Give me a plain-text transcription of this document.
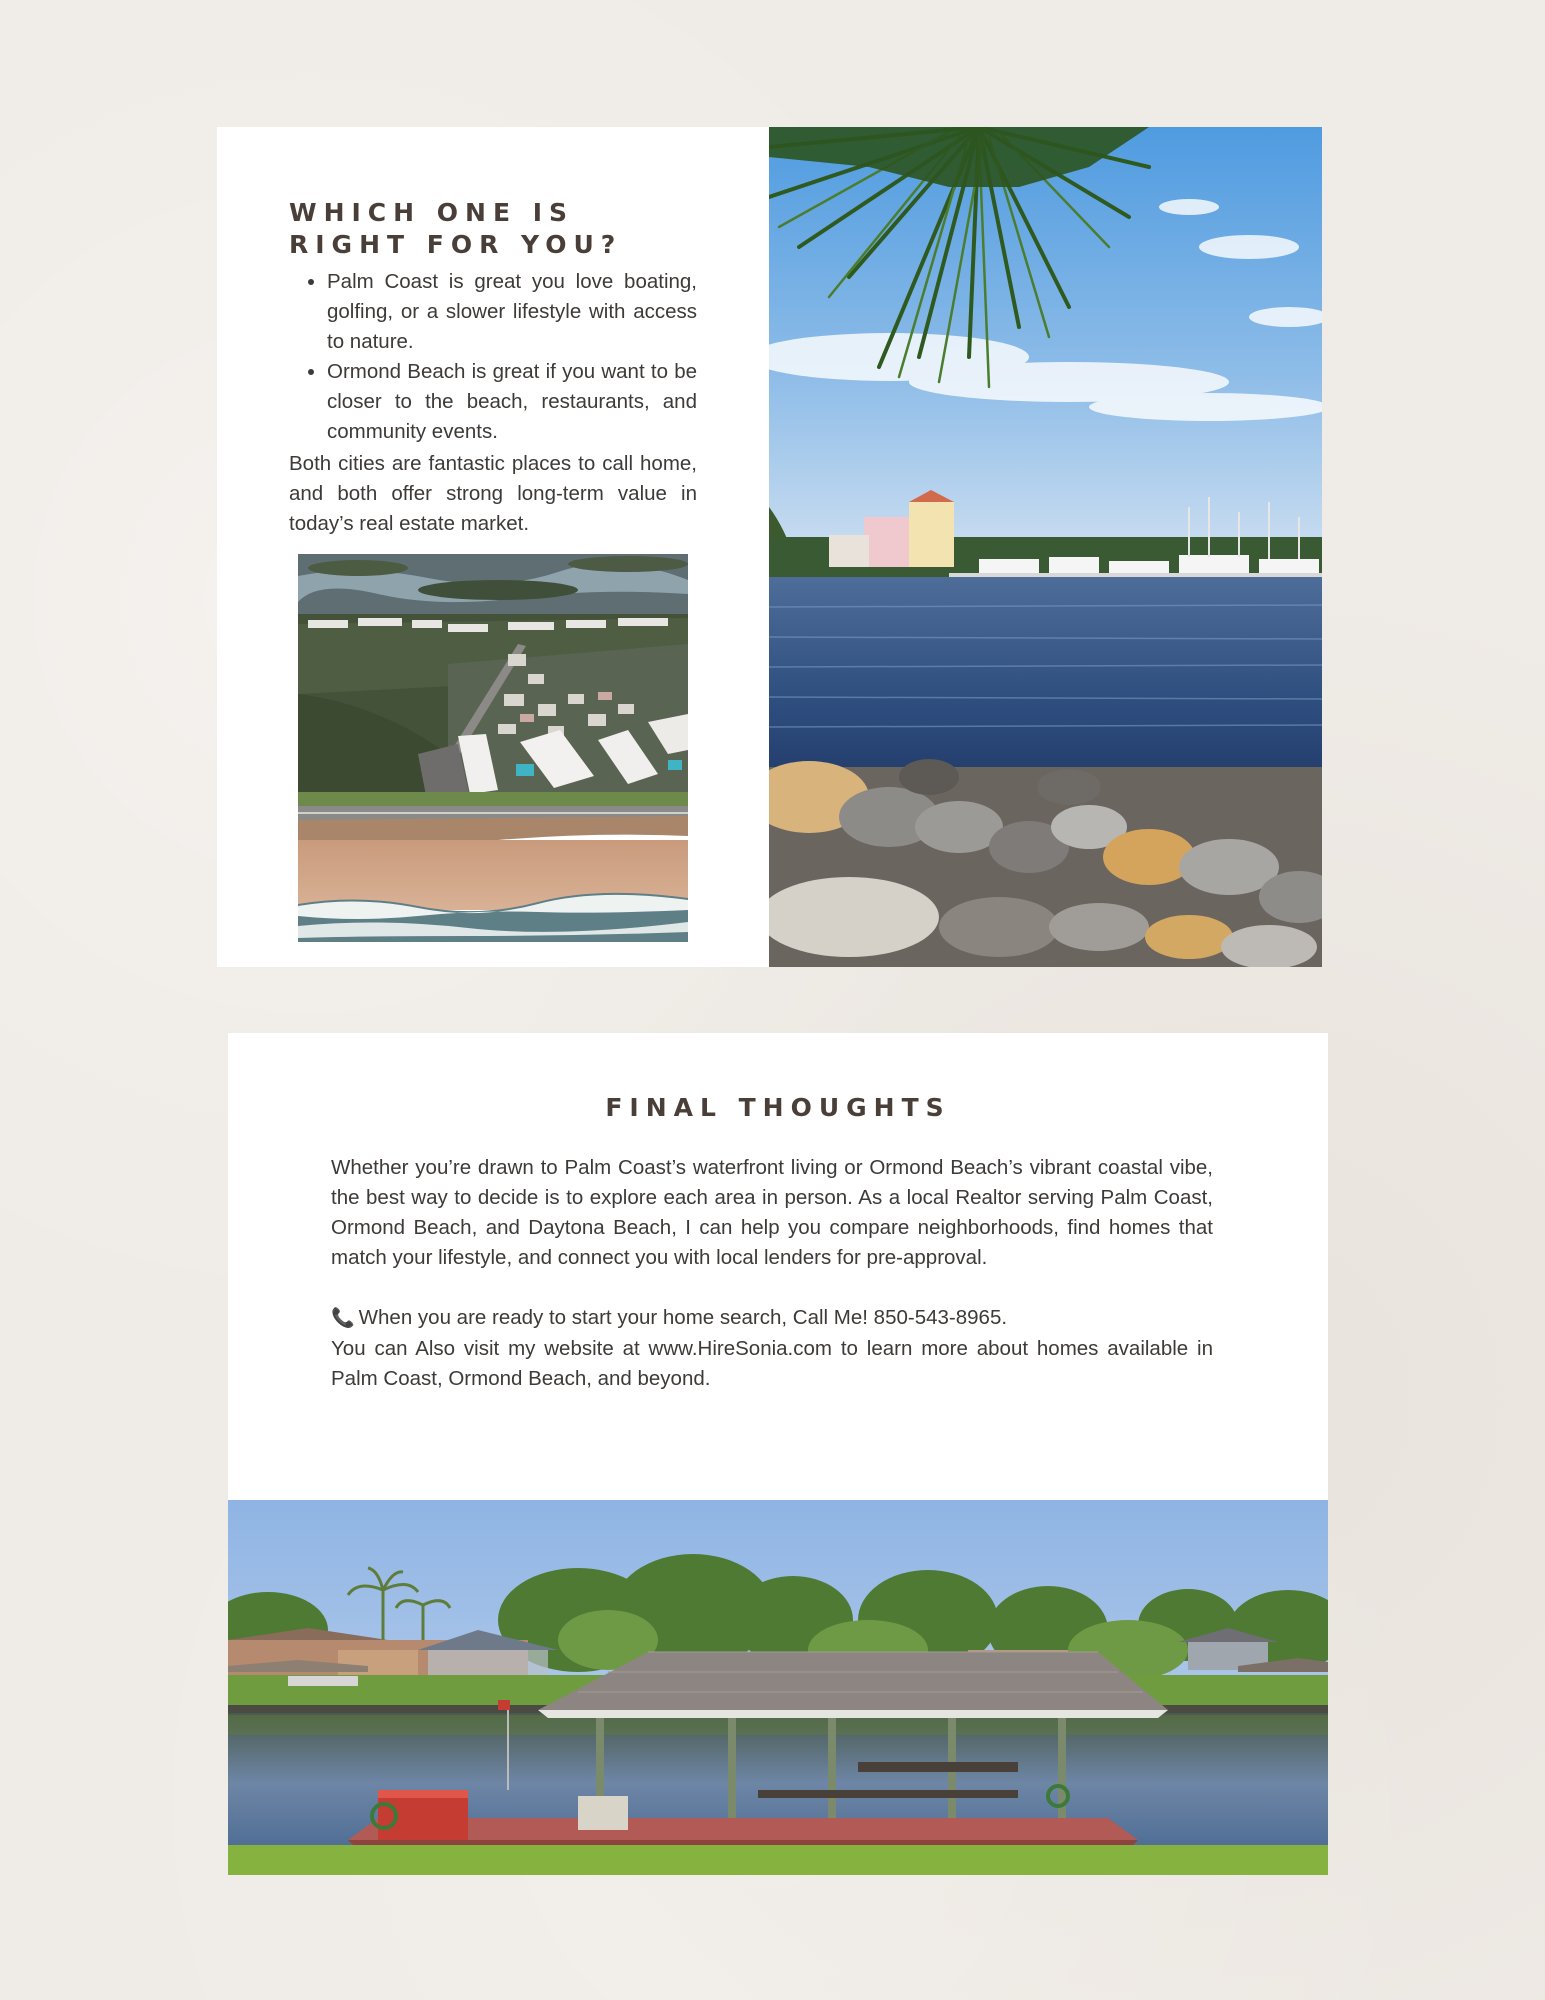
WHICH ONE IS RIGHT FOR YOU?
• Palm Coast is great you love boating, golfing, or a slower lifestyle with access to nature.
• Ormond Beach is great if you want to be closer to the beach, restaurants, and community events.

Both cities are fantastic places to call home, and both offer strong long-term value in today’s real estate market.

FINAL THOUGHTS

Whether you’re drawn to Palm Coast’s waterfront living or Ormond Beach’s vibrant coastal vibe, the best way to decide is to explore each area in person. As a local Realtor serving Palm Coast, Ormond Beach, and Daytona Beach, I can help you compare neighborhoods, find homes that match your lifestyle, and connect you with local lenders for pre-approval.

📞 When you are ready to start your home search, Call Me! 850-543-8965.

You can Also visit my website at www.HireSonia.com to learn more about homes available in Palm Coast, Ormond Beach, and beyond.
